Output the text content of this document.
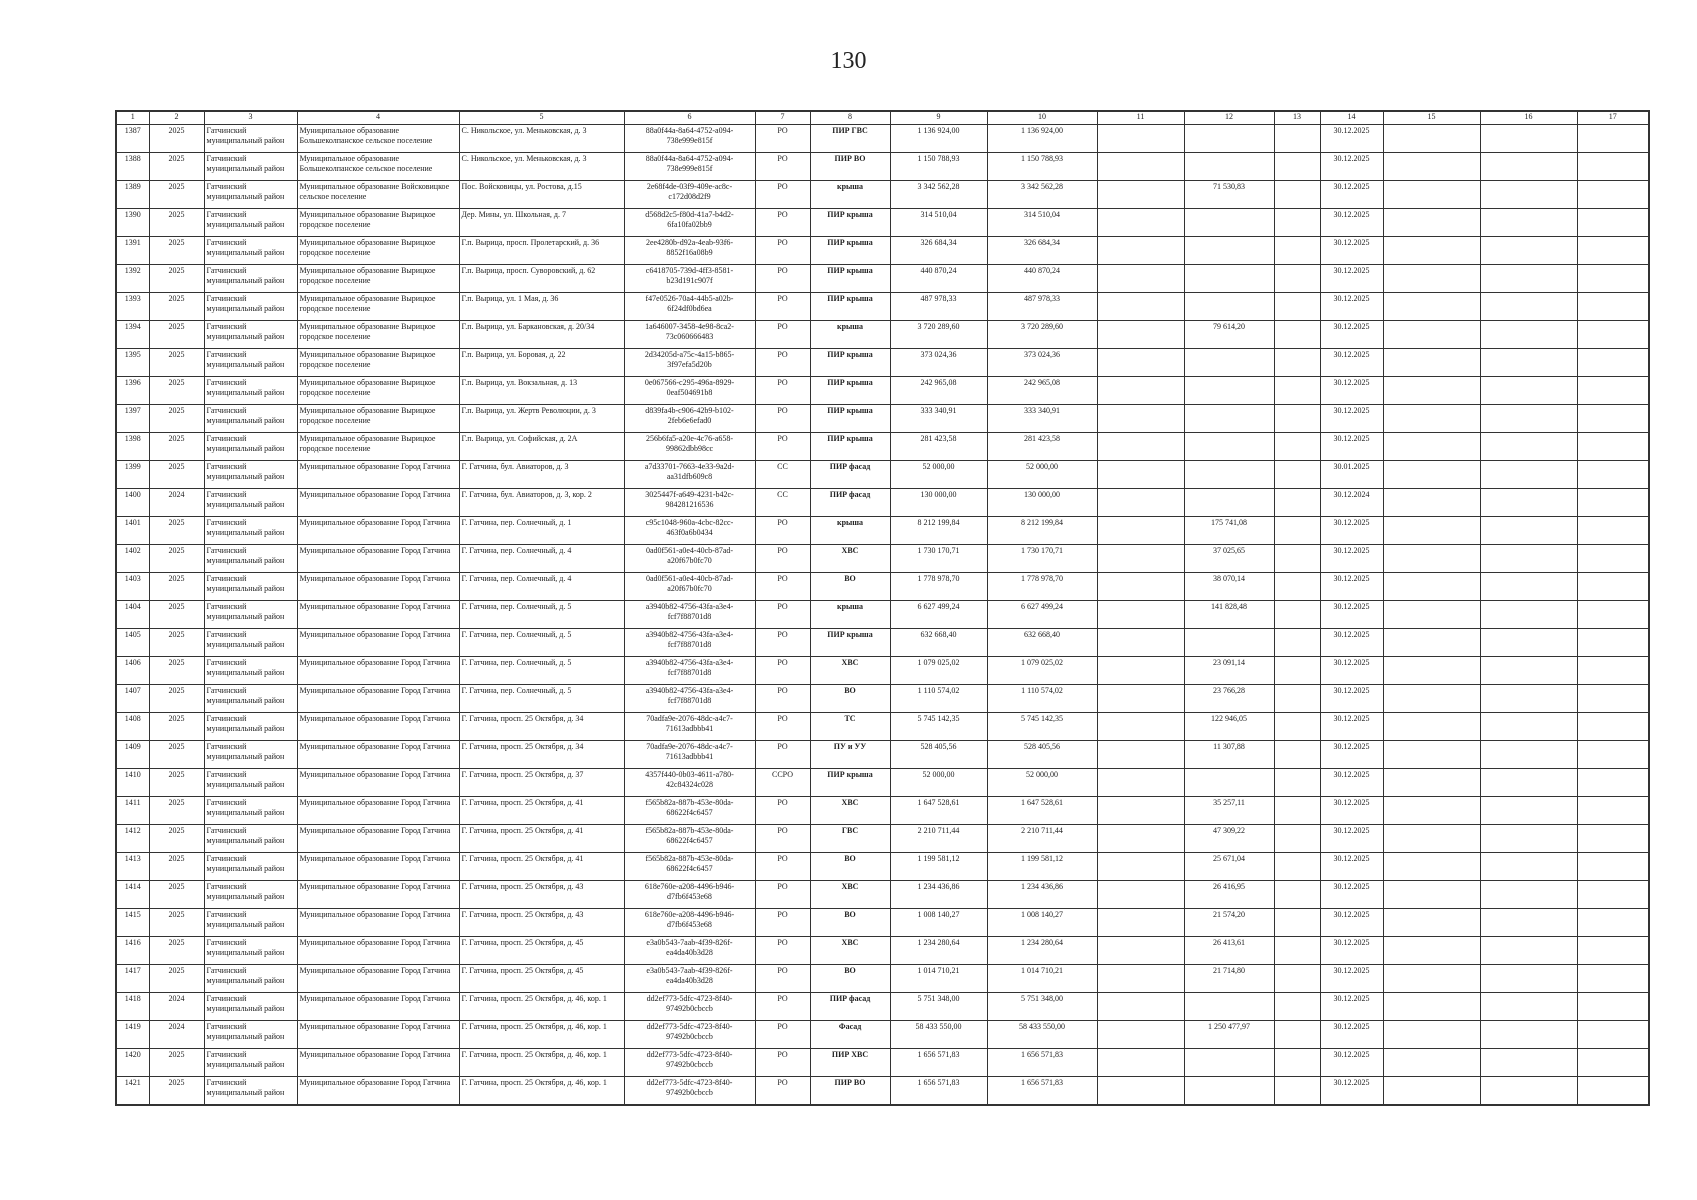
130
1	2	3	4	5	6	7	8	9	10	11	12	13	14	15	16	17
1387	2025	Гатчинский муниципальный район	Муниципальное образование Большеколпанское сельское поселение	С. Никольское, ул. Меньковская, д. 3	88a0f44a-8a64-4752-a094-738e999e815f	РО	ПИР ГВС	1 136 924,00	1 136 924,00				30.12.2025			
1388	2025	Гатчинский муниципальный район	Муниципальное образование Большеколпанское сельское поселение	С. Никольское, ул. Меньковская, д. 3	88a0f44a-8a64-4752-a094-738e999e815f	РО	ПИР ВО	1 150 788,93	1 150 788,93				30.12.2025			
1389	2025	Гатчинский муниципальный район	Муниципальное образование Войсковицкое сельское поселение	Пос. Войсковицы, ул. Ростова, д.15	2e68f4de-03f9-409e-ac8c-c172d08d2f9	РО	крыша	3 342 562,28	3 342 562,28		71 530,83		30.12.2025			
1390	2025	Гатчинский муниципальный район	Муниципальное образование Вырицкое городское поселение	Дер. Мины, ул. Школьная, д. 7	d568d2c5-f80d-41a7-b4d2-6fa10fa02bb9	РО	ПИР крыша	314 510,04	314 510,04				30.12.2025			
1391	2025	Гатчинский муниципальный район	Муниципальное образование Вырицкое городское поселение	Г.п. Вырица, просп. Пролетарский, д. 36	2ee4280b-d92a-4eab-93f6-8852f16a08b9	РО	ПИР крыша	326 684,34	326 684,34				30.12.2025			
1392	2025	Гатчинский муниципальный район	Муниципальное образование Вырицкое городское поселение	Г.п. Вырица, просп. Суворовский, д. 62	c6418705-739d-4ff3-8581-b23d191c907f	РО	ПИР крыша	440 870,24	440 870,24				30.12.2025			
1393	2025	Гатчинский муниципальный район	Муниципальное образование Вырицкое городское поселение	Г.п. Вырица, ул. 1 Мая, д. 36	f47e0526-70a4-44b5-a02b-6f24df0bd6ea	РО	ПИР крыша	487 978,33	487 978,33				30.12.2025			
1394	2025	Гатчинский муниципальный район	Муниципальное образование Вырицкое городское поселение	Г.п. Вырица, ул. Баркановская, д. 20/34	1a646007-3458-4e98-8ca2-73c060666483	РО	крыша	3 720 289,60	3 720 289,60		79 614,20		30.12.2025			
1395	2025	Гатчинский муниципальный район	Муниципальное образование Вырицкое городское поселение	Г.п. Вырица, ул. Боровая, д. 22	2d34205d-a75c-4a15-b865-3f97efa5d20b	РО	ПИР крыша	373 024,36	373 024,36				30.12.2025			
1396	2025	Гатчинский муниципальный район	Муниципальное образование Вырицкое городское поселение	Г.п. Вырица, ул. Вокзальная, д. 13	0e067566-c295-496a-8929-0eaf504691b8	РО	ПИР крыша	242 965,08	242 965,08				30.12.2025			
1397	2025	Гатчинский муниципальный район	Муниципальное образование Вырицкое городское поселение	Г.п. Вырица, ул. Жертв Революции, д. 3	d839fa4b-c906-42b9-b102-2feb6e6efad0	РО	ПИР крыша	333 340,91	333 340,91				30.12.2025			
1398	2025	Гатчинский муниципальный район	Муниципальное образование Вырицкое городское поселение	Г.п. Вырица, ул. Софийская, д. 2А	256b6fa5-a20e-4c76-a658-99862dbb98cc	РО	ПИР крыша	281 423,58	281 423,58				30.12.2025			
1399	2025	Гатчинский муниципальный район	Муниципальное образование Город Гатчина	Г. Гатчина, бул. Авиаторов, д. 3	a7d33701-7663-4e33-9a2d-aa31dfb609c8	СС	ПИР фасад	52 000,00	52 000,00				30.01.2025			
1400	2024	Гатчинский муниципальный район	Муниципальное образование Город Гатчина	Г. Гатчина, бул. Авиаторов, д. 3, кор. 2	3025447f-a649-4231-b42c-984281216536	СС	ПИР фасад	130 000,00	130 000,00				30.12.2024			
1401	2025	Гатчинский муниципальный район	Муниципальное образование Город Гатчина	Г. Гатчина, пер. Солнечный, д. 1	c95c1048-960a-4cbc-82cc-463f0a6b0434	РО	крыша	8 212 199,84	8 212 199,84		175 741,08		30.12.2025			
1402	2025	Гатчинский муниципальный район	Муниципальное образование Город Гатчина	Г. Гатчина, пер. Солнечный, д. 4	0ad0f561-a0e4-40cb-87ad-a20f67b0fc70	РО	ХВС	1 730 170,71	1 730 170,71		37 025,65		30.12.2025			
1403	2025	Гатчинский муниципальный район	Муниципальное образование Город Гатчина	Г. Гатчина, пер. Солнечный, д. 4	0ad0f561-a0e4-40cb-87ad-a20f67b0fc70	РО	ВО	1 778 978,70	1 778 978,70		38 070,14		30.12.2025			
1404	2025	Гатчинский муниципальный район	Муниципальное образование Город Гатчина	Г. Гатчина, пер. Солнечный, д. 5	a3940b82-4756-43fa-a3e4-fcf7f88701d8	РО	крыша	6 627 499,24	6 627 499,24		141 828,48		30.12.2025			
1405	2025	Гатчинский муниципальный район	Муниципальное образование Город Гатчина	Г. Гатчина, пер. Солнечный, д. 5	a3940b82-4756-43fa-a3e4-fcf7f88701d8	РО	ПИР крыша	632 668,40	632 668,40				30.12.2025			
1406	2025	Гатчинский муниципальный район	Муниципальное образование Город Гатчина	Г. Гатчина, пер. Солнечный, д. 5	a3940b82-4756-43fa-a3e4-fcf7f88701d8	РО	ХВС	1 079 025,02	1 079 025,02		23 091,14		30.12.2025			
1407	2025	Гатчинский муниципальный район	Муниципальное образование Город Гатчина	Г. Гатчина, пер. Солнечный, д. 5	a3940b82-4756-43fa-a3e4-fcf7f88701d8	РО	ВО	1 110 574,02	1 110 574,02		23 766,28		30.12.2025			
1408	2025	Гатчинский муниципальный район	Муниципальное образование Город Гатчина	Г. Гатчина, просп. 25 Октября, д. 34	70adfa9e-2076-48dc-a4c7-71613adbbb41	РО	ТС	5 745 142,35	5 745 142,35		122 946,05		30.12.2025			
1409	2025	Гатчинский муниципальный район	Муниципальное образование Город Гатчина	Г. Гатчина, просп. 25 Октября, д. 34	70adfa9e-2076-48dc-a4c7-71613adbbb41	РО	ПУ и УУ	528 405,56	528 405,56		11 307,88		30.12.2025			
1410	2025	Гатчинский муниципальный район	Муниципальное образование Город Гатчина	Г. Гатчина, просп. 25 Октября, д. 37	4357f440-0b03-4611-a780-42c84324c028	ССРО	ПИР крыша	52 000,00	52 000,00				30.12.2025			
1411	2025	Гатчинский муниципальный район	Муниципальное образование Город Гатчина	Г. Гатчина, просп. 25 Октября, д. 41	f565b82a-887b-453e-80da-68622f4c6457	РО	ХВС	1 647 528,61	1 647 528,61		35 257,11		30.12.2025			
1412	2025	Гатчинский муниципальный район	Муниципальное образование Город Гатчина	Г. Гатчина, просп. 25 Октября, д. 41	f565b82a-887b-453e-80da-68622f4c6457	РО	ГВС	2 210 711,44	2 210 711,44		47 309,22		30.12.2025			
1413	2025	Гатчинский муниципальный район	Муниципальное образование Город Гатчина	Г. Гатчина, просп. 25 Октября, д. 41	f565b82a-887b-453e-80da-68622f4c6457	РО	ВО	1 199 581,12	1 199 581,12		25 671,04		30.12.2025			
1414	2025	Гатчинский муниципальный район	Муниципальное образование Город Гатчина	Г. Гатчина, просп. 25 Октября, д. 43	618e760e-a208-4496-b946-d7fb6f453e68	РО	ХВС	1 234 436,86	1 234 436,86		26 416,95		30.12.2025			
1415	2025	Гатчинский муниципальный район	Муниципальное образование Город Гатчина	Г. Гатчина, просп. 25 Октября, д. 43	618e760e-a208-4496-b946-d7fb6f453e68	РО	ВО	1 008 140,27	1 008 140,27		21 574,20		30.12.2025			
1416	2025	Гатчинский муниципальный район	Муниципальное образование Город Гатчина	Г. Гатчина, просп. 25 Октября, д. 45	e3a0b543-7aab-4f39-826f-ea4da40b3d28	РО	ХВС	1 234 280,64	1 234 280,64		26 413,61		30.12.2025			
1417	2025	Гатчинский муниципальный район	Муниципальное образование Город Гатчина	Г. Гатчина, просп. 25 Октября, д. 45	e3a0b543-7aab-4f39-826f-ea4da40b3d28	РО	ВО	1 014 710,21	1 014 710,21		21 714,80		30.12.2025			
1418	2024	Гатчинский муниципальный район	Муниципальное образование Город Гатчина	Г. Гатчина, просп. 25 Октября, д. 46, кор. 1	dd2ef773-5dfc-4723-8f40-97492b0cbccb	РО	ПИР фасад	5 751 348,00	5 751 348,00				30.12.2025			
1419	2024	Гатчинский муниципальный район	Муниципальное образование Город Гатчина	Г. Гатчина, просп. 25 Октября, д. 46, кор. 1	dd2ef773-5dfc-4723-8f40-97492b0cbccb	РО	Фасад	58 433 550,00	58 433 550,00		1 250 477,97		30.12.2025			
1420	2025	Гатчинский муниципальный район	Муниципальное образование Город Гатчина	Г. Гатчина, просп. 25 Октября, д. 46, кор. 1	dd2ef773-5dfc-4723-8f40-97492b0cbccb	РО	ПИР ХВС	1 656 571,83	1 656 571,83				30.12.2025			
1421	2025	Гатчинский муниципальный район	Муниципальное образование Город Гатчина	Г. Гатчина, просп. 25 Октября, д. 46, кор. 1	dd2ef773-5dfc-4723-8f40-97492b0cbccb	РО	ПИР ВО	1 656 571,83	1 656 571,83				30.12.2025			
